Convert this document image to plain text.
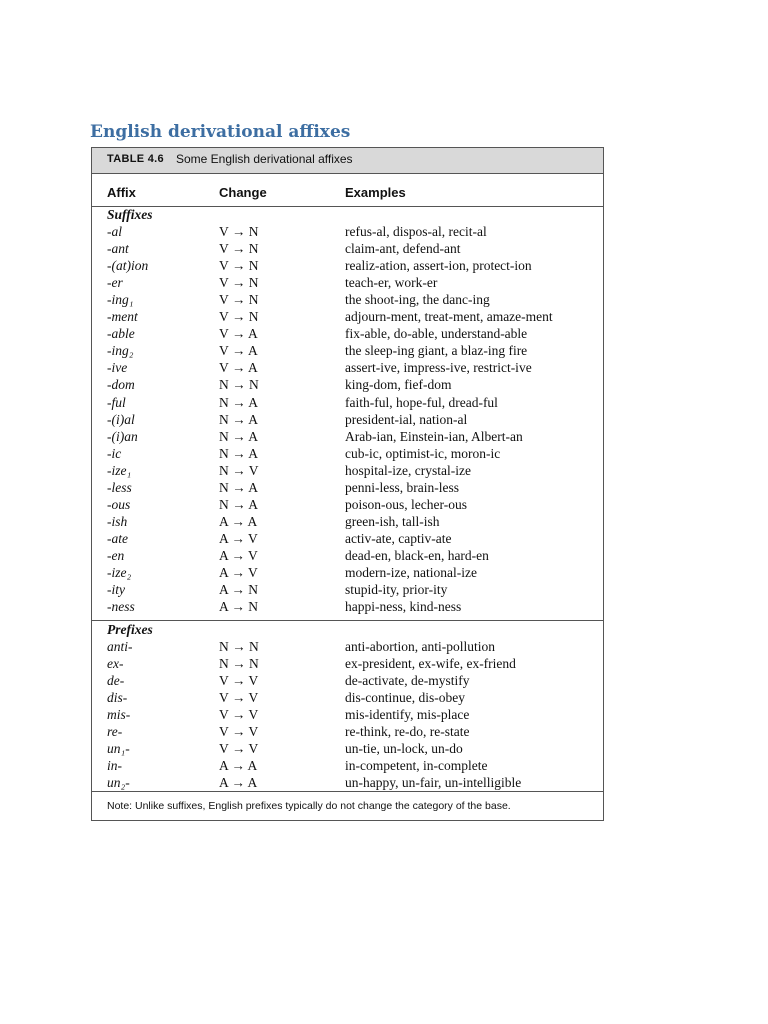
English derivational affixes
TABLE 4.6 Some English derivational affixes
Affix	Change	Examples
Suffixes
-al	V → N	refus-al, dispos-al, recit-al
-ant	V → N	claim-ant, defend-ant
-(at)ion	V → N	realiz-ation, assert-ion, protect-ion
-er	V → N	teach-er, work-er
-ing₁	V → N	the shoot-ing, the danc-ing
-ment	V → N	adjourn-ment, treat-ment, amaze-ment
-able	V → A	fix-able, do-able, understand-able
-ing₂	V → A	the sleep-ing giant, a blaz-ing fire
-ive	V → A	assert-ive, impress-ive, restrict-ive
-dom	N → N	king-dom, fief-dom
-ful	N → A	faith-ful, hope-ful, dread-ful
-(i)al	N → A	president-ial, nation-al
-(i)an	N → A	Arab-ian, Einstein-ian, Albert-an
-ic	N → A	cub-ic, optimist-ic, moron-ic
-ize₁	N → V	hospital-ize, crystal-ize
-less	N → A	penni-less, brain-less
-ous	N → A	poison-ous, lecher-ous
-ish	A → A	green-ish, tall-ish
-ate	A → V	activ-ate, captiv-ate
-en	A → V	dead-en, black-en, hard-en
-ize₂	A → V	modern-ize, national-ize
-ity	A → N	stupid-ity, prior-ity
-ness	A → N	happi-ness, kind-ness
Prefixes
anti-	N → N	anti-abortion, anti-pollution
ex-	N → N	ex-president, ex-wife, ex-friend
de-	V → V	de-activate, de-mystify
dis-	V → V	dis-continue, dis-obey
mis-	V → V	mis-identify, mis-place
re-	V → V	re-think, re-do, re-state
un₁-	V → V	un-tie, un-lock, un-do
in-	A → A	in-competent, in-complete
un₂-	A → A	un-happy, un-fair, un-intelligible
Note: Unlike suffixes, English prefixes typically do not change the category of the base.
